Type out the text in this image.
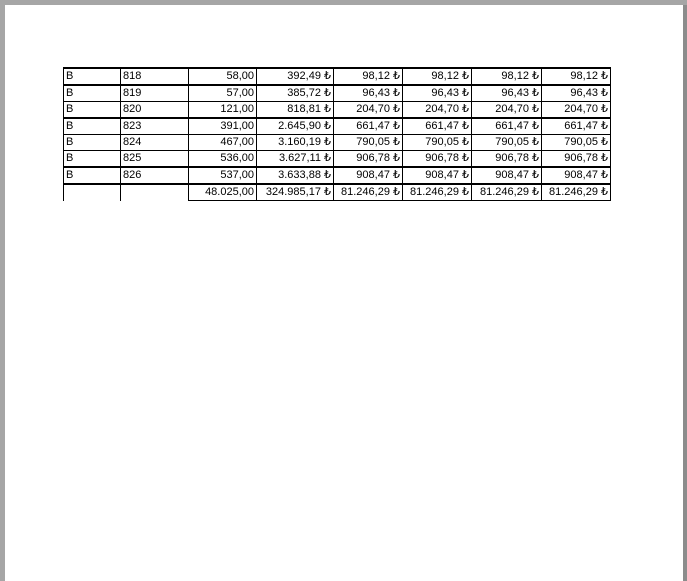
B	818	58,00	392,49 ₺	98,12 ₺	98,12 ₺	98,12 ₺	98,12 ₺
B	819	57,00	385,72 ₺	96,43 ₺	96,43 ₺	96,43 ₺	96,43 ₺
B	820	121,00	818,81 ₺	204,70 ₺	204,70 ₺	204,70 ₺	204,70 ₺
B	823	391,00	2.645,90 ₺	661,47 ₺	661,47 ₺	661,47 ₺	661,47 ₺
B	824	467,00	3.160,19 ₺	790,05 ₺	790,05 ₺	790,05 ₺	790,05 ₺
B	825	536,00	3.627,11 ₺	906,78 ₺	906,78 ₺	906,78 ₺	906,78 ₺
B	826	537,00	3.633,88 ₺	908,47 ₺	908,47 ₺	908,47 ₺	908,47 ₺
		48.025,00	324.985,17 ₺	81.246,29 ₺	81.246,29 ₺	81.246,29 ₺	81.246,29 ₺
